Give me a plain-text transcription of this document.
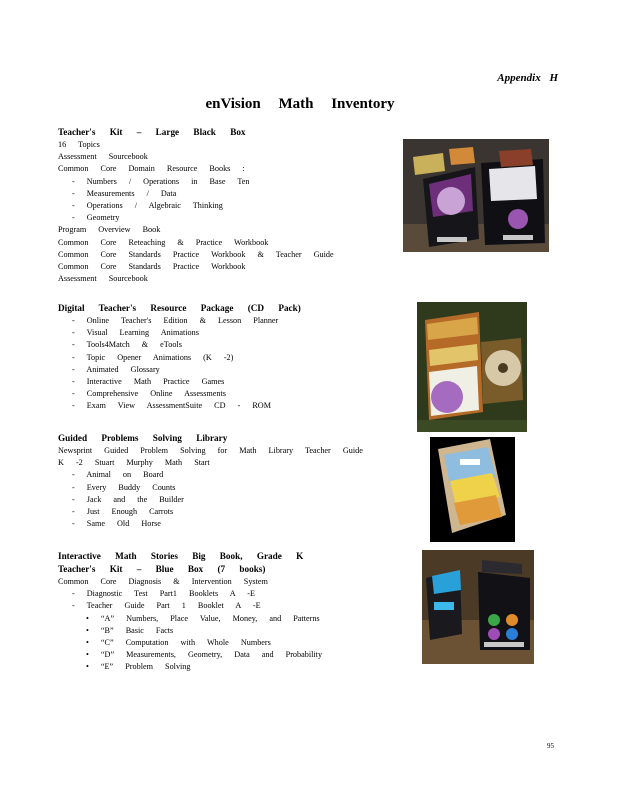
Appendix H
enVision Math Inventory
Teacher's Kit – Large Black Box
16 Topics
Assessment Sourcebook
Common Core Domain Resource Books :
- Numbers / Operations in Base Ten
- Measurements / Data
- Operations / Algebraic Thinking
- Geometry
Program Overview Book
Common Core Reteaching & Practice Workbook
Common Core Standards Practice Workbook & Teacher Guide
Common Core Standards Practice Workbook
Assessment Sourcebook
Digital Teacher's Resource Package (CD Pack)
- Online Teacher's Edition & Lesson Planner
- Visual Learning Animations
- Tools4Match & eTools
- Topic Opener Animations (K -2)
- Animated Glossary
- Interactive Math Practice Games
- Comprehensive Online Assessments
- Exam View AssessmentSuite CD - ROM
Guided Problems Solving Library
Newsprint Guided Problem Solving for Math Library Teacher Guide
K -2 Stuart Murphy Math Start
- Animal on Board
- Every Buddy Counts
- Jack and the Builder
- Just Enough Carrots
- Same Old Horse
Interactive Math Stories Big Book, Grade K
Teacher's Kit – Blue Box (7 books)
Common Core Diagnosis & Intervention System
- Diagnostic Test Part1 Booklets A -E
- Teacher Guide Part 1 Booklet A -E
• “A” Numbers, Place Value, Money, and Patterns
• “B” Basic Facts
• “C” Computation with Whole Numbers
• “D” Measurements, Geometry, Data and Probability
• “E” Problem Solving
95
